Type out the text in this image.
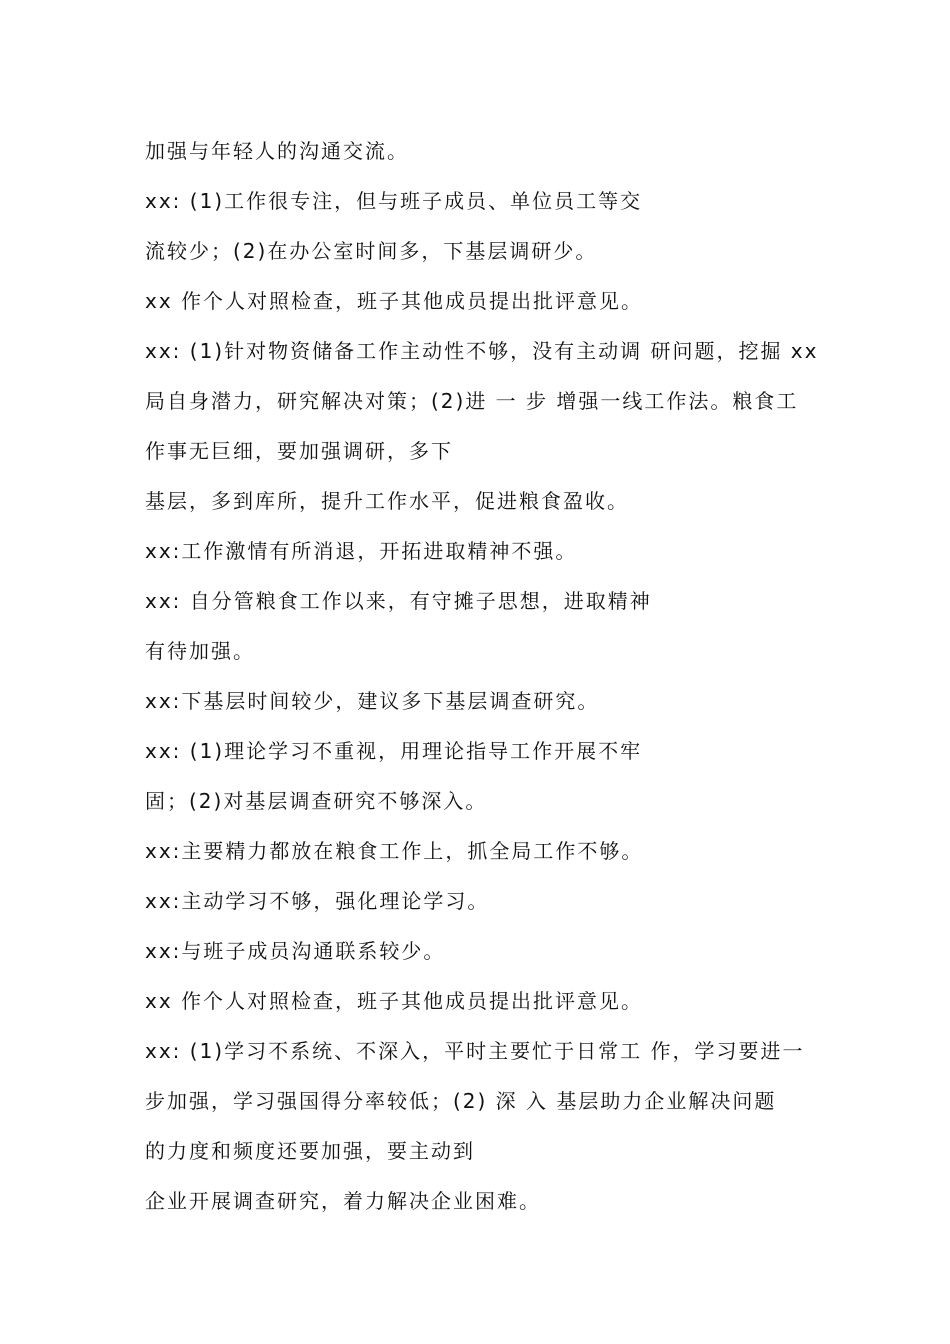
加强与年轻人的沟通交流。
xx: (1)工作很专注，但与班子成员、单位员工等交
流较少；(2)在办公室时间多，下基层调研少。
xx 作个人对照检查，班子其他成员提出批评意见。
xx: (1)针对物资储备工作主动性不够，没有主动调 研问题，挖掘 xx
局自身潜力，研究解决对策；(2)进 一 步 增强一线工作法。粮食工
作事无巨细，要加强调研，多下
基层，多到库所，提升工作水平，促进粮食盈收。
xx:工作激情有所消退，开拓进取精神不强。
xx: 自分管粮食工作以来，有守摊子思想，进取精神
有待加强。
xx:下基层时间较少，建议多下基层调查研究。
xx: (1)理论学习不重视，用理论指导工作开展不牢
固；(2)对基层调查研究不够深入。
xx:主要精力都放在粮食工作上，抓全局工作不够。
xx:主动学习不够，强化理论学习。
xx:与班子成员沟通联系较少。
xx 作个人对照检查，班子其他成员提出批评意见。
xx: (1)学习不系统、不深入，平时主要忙于日常工 作，学习要进一
步加强，学习强国得分率较低；(2) 深 入 基层助力企业解决问题
的力度和频度还要加强，要主动到
企业开展调查研究，着力解决企业困难。
